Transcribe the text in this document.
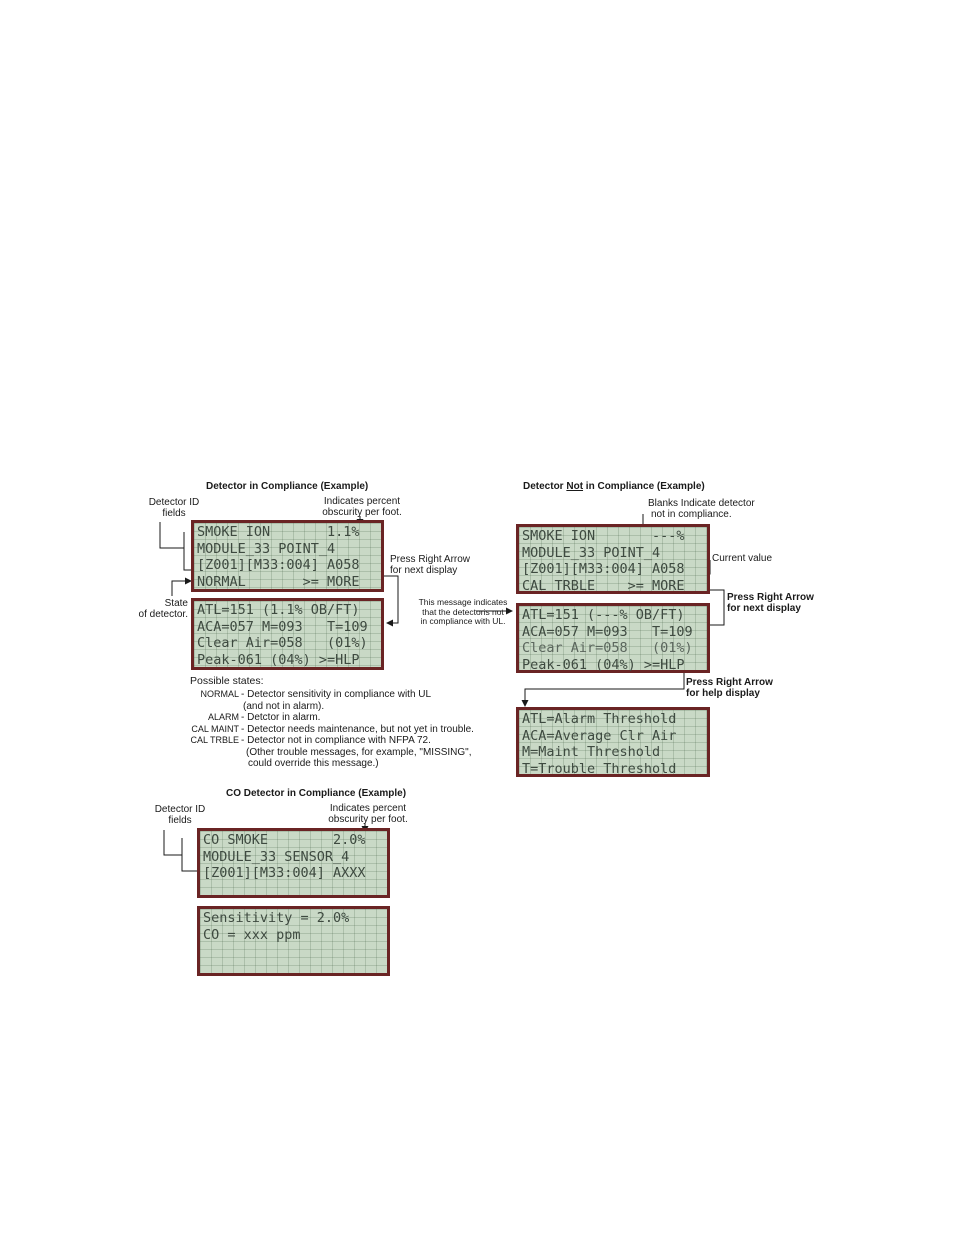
Detector in Compliance (Example)
Detector ID
fields
Indicates percent
obscurity per foot.
State
of detector.
Press Right Arrow
for next display
SMOKE ION       1.1%
MODULE_33 POINT_4
[Z001][M33:004] A058
NORMAL       >= MORE
ATL=151 (1.1% OB/FT)
ACA=057 M=093   T=109
Clear Air=058   (01%)
Peak-061 (04%) >=HLP
Possible states:
NORMAL - Detector sensitivity in compliance with UL
(and not in alarm).
ALARM - Detctor in alarm.
CAL MAINT - Detector needs maintenance, but not yet in trouble.
CAL TRBLE - Detector not in compliance with NFPA 72.
(Other trouble messages, for example, "MISSING",
could override this message.)
Detector Not in Compliance (Example)
Blanks Indicate detector
not in compliance.
Current value
Press Right Arrow
for next display
This message indicates
that the detectoris not
in compliance with UL.
Press Right Arrow
for help display
SMOKE ION       ---%
MODULE_33 POINT_4
[Z001][M33:004] A058
CAL TRBLE    >= MORE
ATL=151 (---% OB/FT)
ACA=057 M=093   T=109
Clear Air=058   (01%)
Peak-061 (04%) >=HLP
ATL=Alarm Threshold
ACA=Average Clr Air
M=Maint Threshold
T=Trouble Threshold
CO Detector in Compliance (Example)
Detector ID
fields
Indicates percent
obscurity per foot.
CO SMOKE        2.0%
MODULE_33 SENSOR_4
[Z001][M33:004] AXXX
Sensitivity = 2.0%
CO = xxx ppm
